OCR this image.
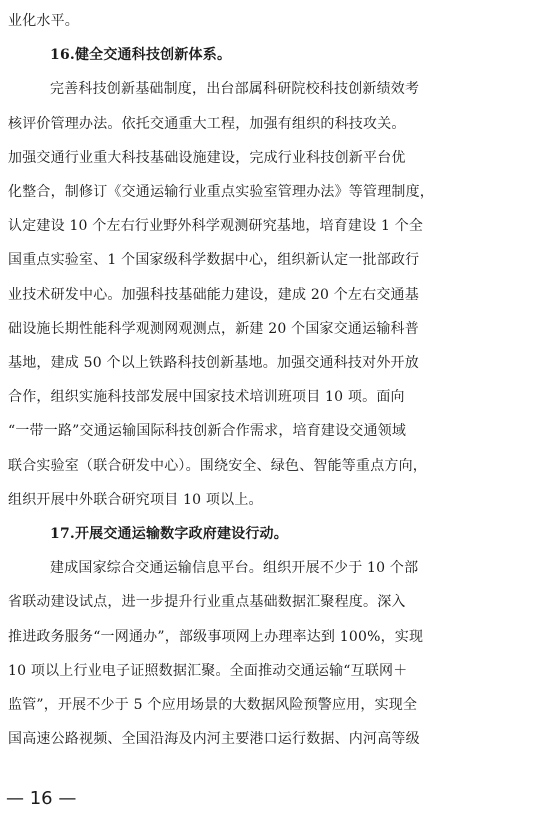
业化水平。
16.健全交通科技创新体系。
完善科技创新基础制度，出台部属科研院校科技创新绩效考
核评价管理办法。依托交通重大工程，加强有组织的科技攻关。
加强交通行业重大科技基础设施建设，完成行业科技创新平台优
化整合，制修订《交通运输行业重点实验室管理办法》等管理制度，
认定建设 10 个左右行业野外科学观测研究基地，培育建设 1 个全
国重点实验室、1 个国家级科学数据中心，组织新认定一批部政行
业技术研发中心。加强科技基础能力建设，建成 20 个左右交通基
础设施长期性能科学观测网观测点，新建 20 个国家交通运输科普
基地，建成 50 个以上铁路科技创新基地。加强交通科技对外开放
合作，组织实施科技部发展中国家技术培训班项目 10 项。面向
“一带一路”交通运输国际科技创新合作需求，培育建设交通领域
联合实验室（联合研发中心）。围绕安全、绿色、智能等重点方向，
组织开展中外联合研究项目 10 项以上。
17.开展交通运输数字政府建设行动。
建成国家综合交通运输信息平台。组织开展不少于 10 个部
省联动建设试点，进一步提升行业重点基础数据汇聚程度。深入
推进政务服务“一网通办”，部级事项网上办理率达到 100%，实现
10 项以上行业电子证照数据汇聚。全面推动交通运输“互联网＋
监管”，开展不少于 5 个应用场景的大数据风险预警应用，实现全
国高速公路视频、全国沿海及内河主要港口运行数据、内河高等级
— 16 —
